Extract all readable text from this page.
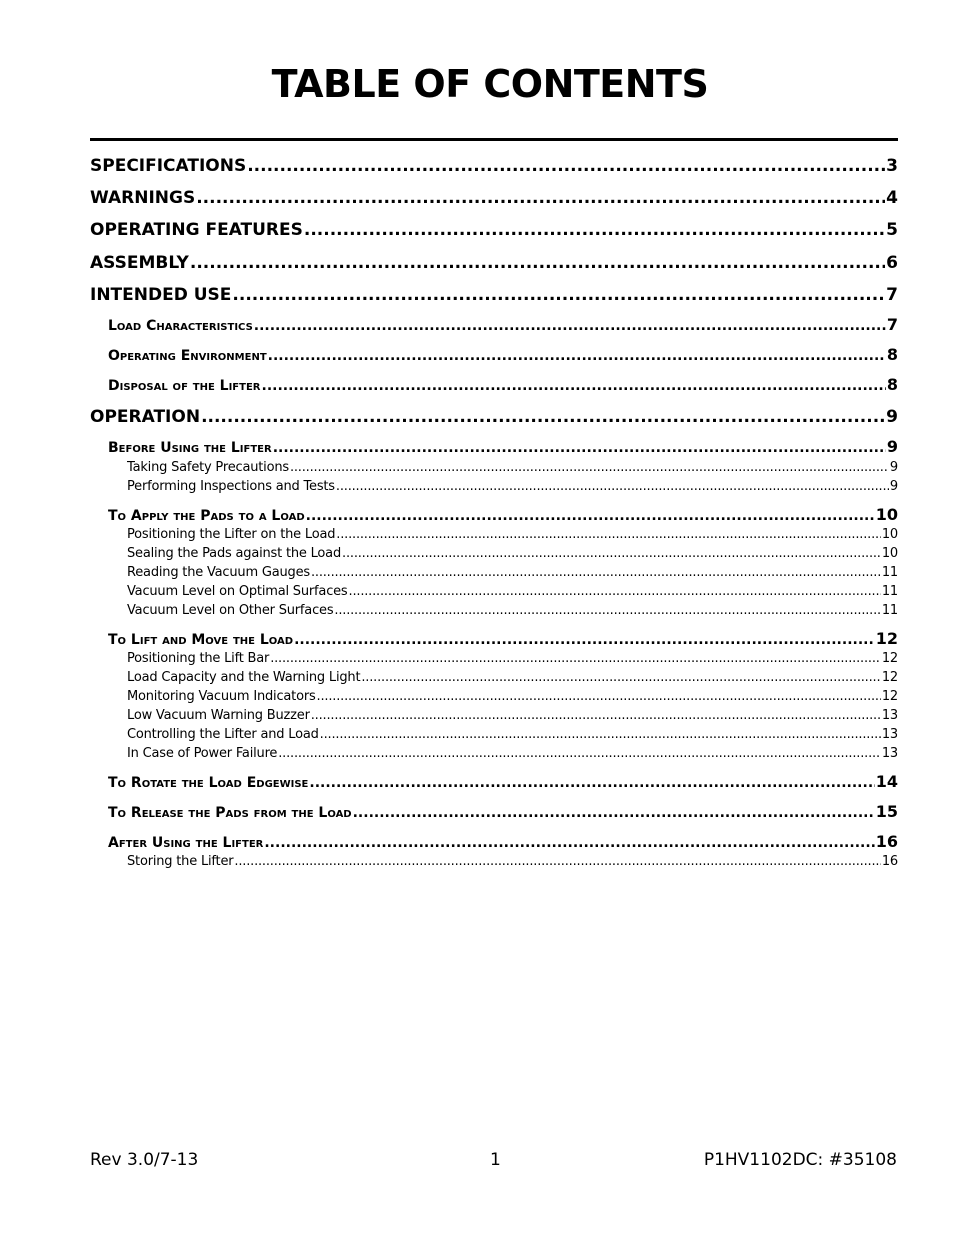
TABLE OF CONTENTS
SPECIFICATIONS .....	3
WARNINGS .....	4
OPERATING FEATURES .....	5
ASSEMBLY .....	6
INTENDED USE .....	7
Load Characteristics .....	7
Operating Environment .....	8
Disposal of the Lifter .....	8
OPERATION .....	9
Before Using the Lifter .....	9
Taking Safety Precautions .....	9
Performing Inspections and Tests .....	9
To Apply the Pads to a Load .....	10
Positioning the Lifter on the Load .....	10
Sealing the Pads against the Load .....	10
Reading the Vacuum Gauges .....	11
Vacuum Level on Optimal Surfaces .....	11
Vacuum Level on Other Surfaces .....	11
To Lift and Move the Load .....	12
Positioning the Lift Bar .....	12
Load Capacity and the Warning Light .....	12
Monitoring Vacuum Indicators .....	12
Low Vacuum Warning Buzzer .....	13
Controlling the Lifter and Load .....	13
In Case of Power Failure .....	13
To Rotate the Load Edgewise .....	14
To Release the Pads from the Load .....	15
After Using the Lifter .....	16
Storing the Lifter .....	16
Rev 3.0/7-13	1	P1HV1102DC: #35108
